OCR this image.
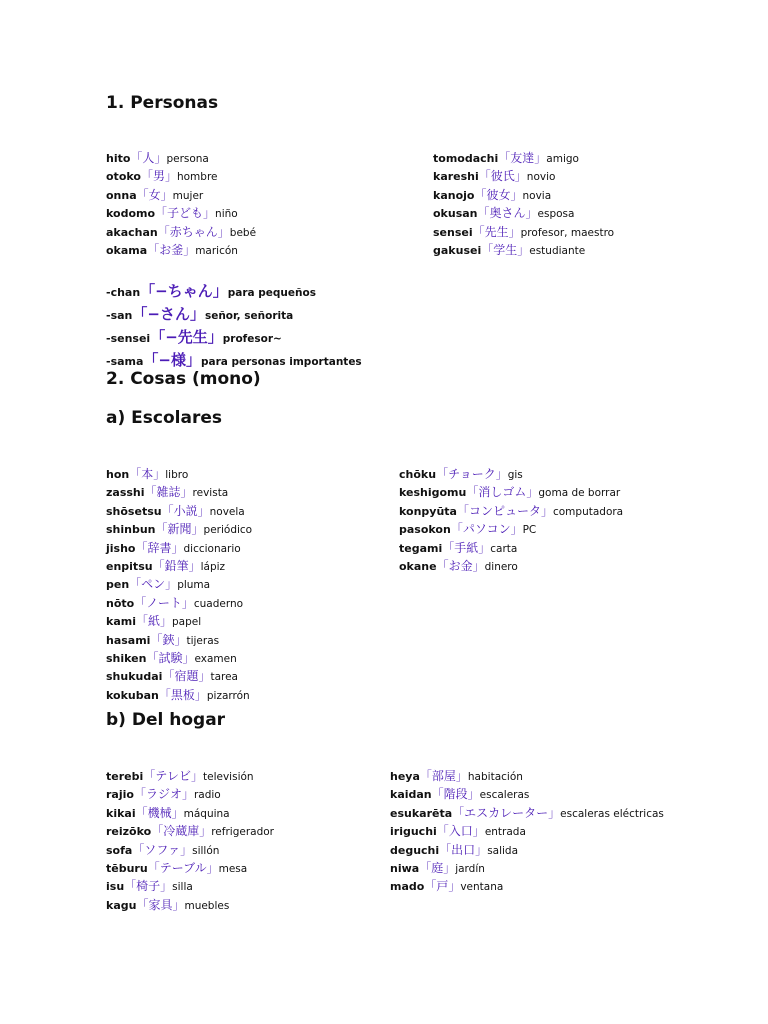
1. Personas
hito「人」persona
otoko「男」hombre
onna「女」mujer
kodomo「子ども」niño
akachan「赤ちゃん」bebé
okama「お釜」maricón
tomodachi「友達」amigo
kareshi「彼氏」novio
kanojo「彼女」novia
okusan「奥さん」esposa
sensei「先生」profesor, maestro
gakusei「学生」estudiante
-chan「−ちゃん」para pequeños
-san「−さん」señor, señorita
-sensei「−先生」profesor~
-sama「−様」para personas importantes
2. Cosas (mono)
a) Escolares
hon「本」libro
zasshi「雑誌」revista
shōsetsu「小説」novela
shinbun「新聞」periódico
jisho「辞書」diccionario
enpitsu「鉛筆」lápiz
pen「ペン」pluma
nōto「ノート」cuaderno
kami「紙」papel
hasami「鋏」tijeras
shiken「試験」examen
shukudai「宿題」tarea
kokuban「黒板」pizarrón
chōku「チョーク」gis
keshigomu「消しゴム」goma de borrar
konpyūta「コンピュータ」computadora
pasokon「パソコン」PC
tegami「手紙」carta
okane「お金」dinero
b) Del hogar
terebi「テレビ」televisión
rajio「ラジオ」radio
kikai「機械」máquina
reizōko「冷蔵庫」refrigerador
sofa「ソファ」sillón
tēburu「テーブル」mesa
isu「椅子」silla
kagu「家具」muebles
heya「部屋」habitación
kaidan「階段」escaleras
esukarēta「エスカレーター」escaleras eléctricas
iriguchi「入口」entrada
deguchi「出口」salida
niwa「庭」jardín
mado「戸」ventana
